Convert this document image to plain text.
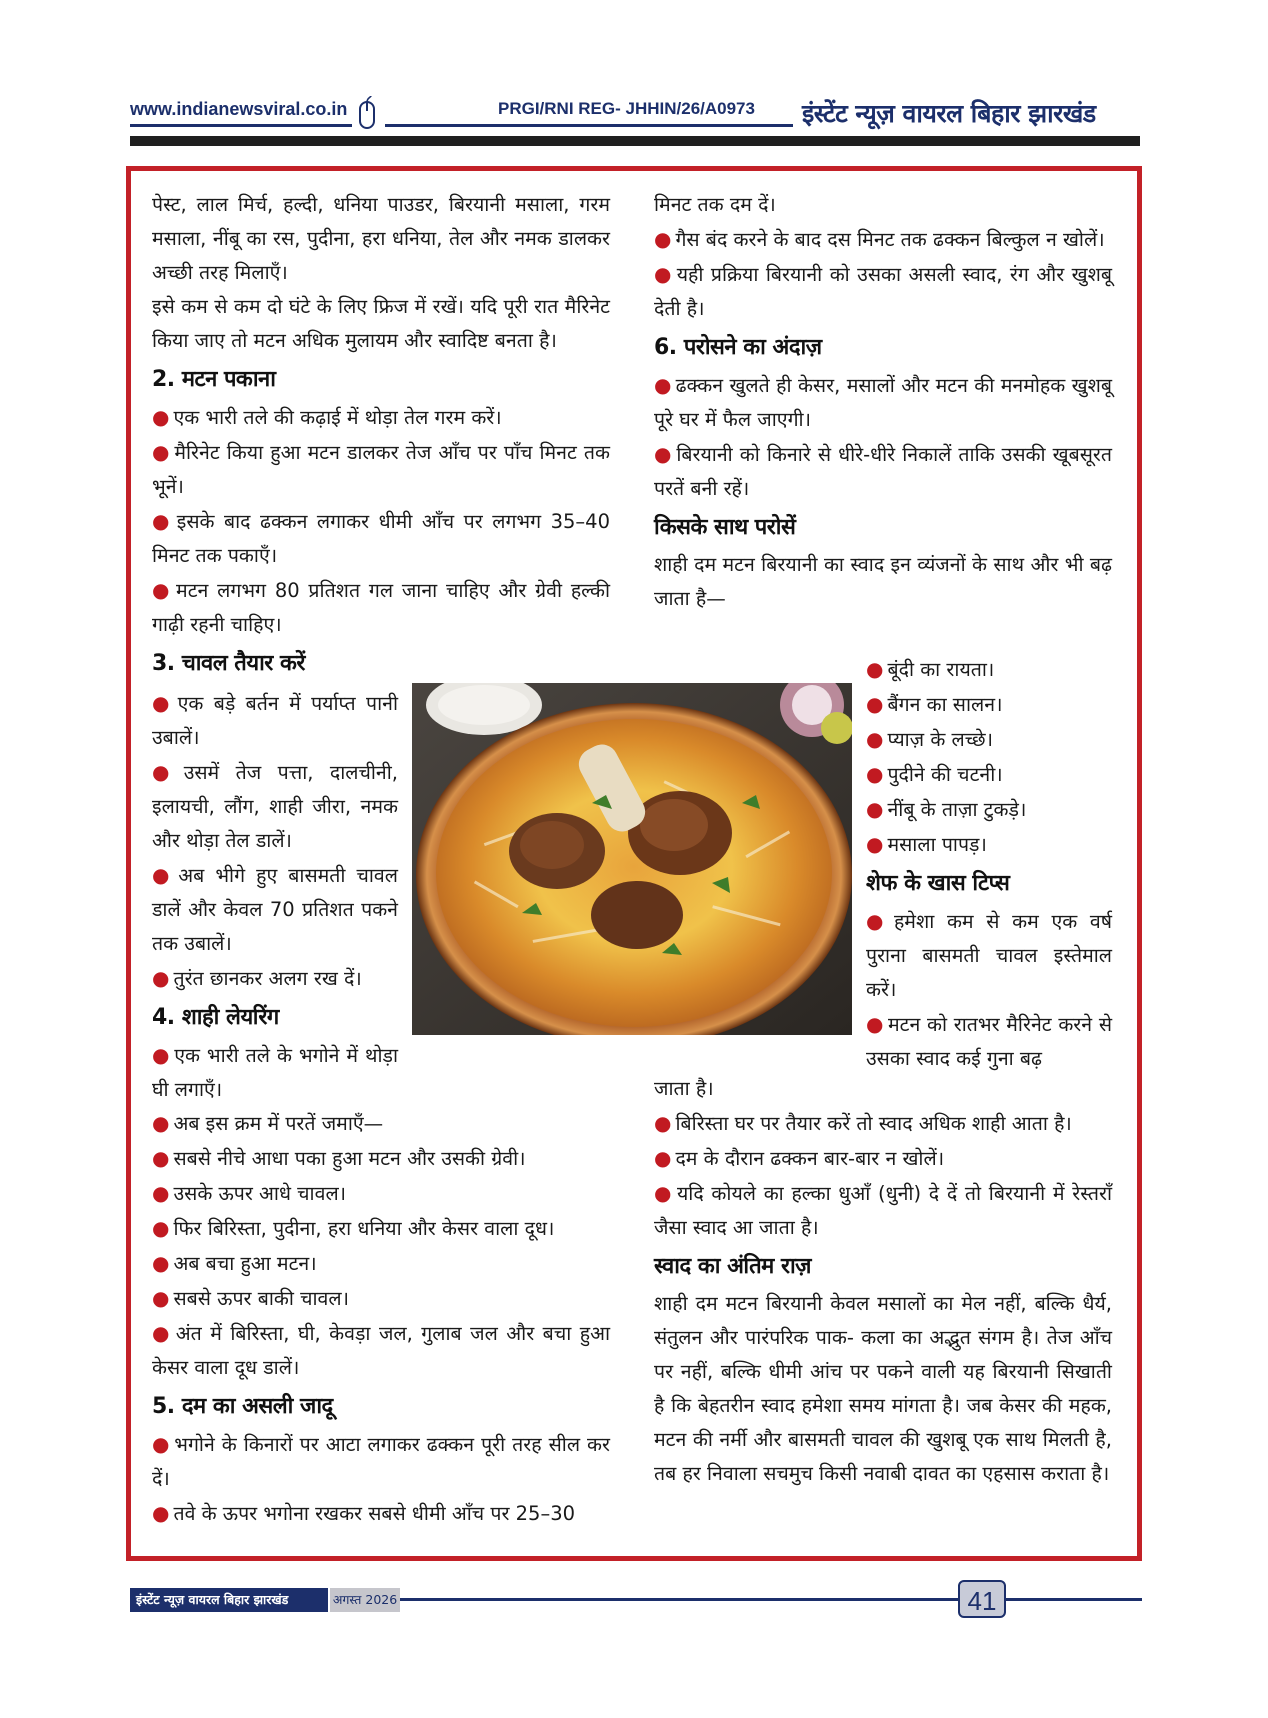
www.indianewsviral.co.in	PRGI/RNI REG- JHHIN/26/A0973 इंस्टेंट न्यूज़ वायरल बिहार झारखंड

पेस्ट, लाल मिर्च, हल्दी, धनिया पाउडर, बिरयानी मसाला, गरम मसाला, नींबू का रस, पुदीना, हरा धनिया, तेल और नमक डालकर अच्छी तरह मिलाएँ।

इसे कम से कम दो घंटे के लिए फ्रिज में रखें। यदि पूरी रात मैरिनेट किया जाए तो मटन अधिक मुलायम और स्वादिष्ट बनता है।

2. मटन पकाना

● एक भारी तले की कढ़ाई में थोड़ा तेल गरम करें।

● मैरिनेट किया हुआ मटन डालकर तेज आँच पर पाँच मिनट तक भूनें।

● इसके बाद ढक्कन लगाकर धीमी आँच पर लगभग 35–40 मिनट तक पकाएँ।

● मटन लगभग 80 प्रतिशत गल जाना चाहिए और ग्रेवी हल्की गाढ़ी रहनी चाहिए।

3. चावल तैयार करें

● एक बड़े बर्तन में पर्याप्त पानी उबालें।

● उसमें तेज पत्ता, दालचीनी, इलायची, लौंग, शाही जीरा, नमक और थोड़ा तेल डालें।

● अब भीगे हुए बासमती चावल डालें और केवल 70 प्रतिशत पकने तक उबालें।

● तुरंत छानकर अलग रख दें।

4. शाही लेयरिंग

● एक भारी तले के भगोने में थोड़ा घी लगाएँ।

● अब इस क्रम में परतें जमाएँ—

● सबसे नीचे आधा पका हुआ मटन और उसकी ग्रेवी।

● उसके ऊपर आधे चावल।

● फिर बिरिस्ता, पुदीना, हरा धनिया और केसर वाला दूध।

● अब बचा हुआ मटन।

● सबसे ऊपर बाकी चावल।

● अंत में बिरिस्ता, घी, केवड़ा जल, गुलाब जल और बचा हुआ केसर वाला दूध डालें।

5. दम का असली जादू

● भगोने के किनारों पर आटा लगाकर ढक्कन पूरी तरह सील कर दें।

● तवे के ऊपर भगोना रखकर सबसे धीमी आँच पर 25–30

मिनट तक दम दें।

● गैस बंद करने के बाद दस मिनट तक ढक्कन बिल्कुल न खोलें।

● यही प्रक्रिया बिरयानी को उसका असली स्वाद, रंग और खुशबू देती है।

6. परोसने का अंदाज़

● ढक्कन खुलते ही केसर, मसालों और मटन की मनमोहक खुशबू पूरे घर में फैल जाएगी।

● बिरयानी को किनारे से धीरे-धीरे निकालें ताकि उसकी खूबसूरत परतें बनी रहें।

किसके साथ परोसें

शाही दम मटन बिरयानी का स्वाद इन व्यंजनों के साथ और भी बढ़ जाता है—

● बूंदी का रायता।

● बैंगन का सालन।

● प्याज़ के लच्छे।

● पुदीने की चटनी।

● नींबू के ताज़ा टुकड़े।

● मसाला पापड़।

शेफ के खास टिप्स

● हमेशा कम से कम एक वर्ष पुराना बासमती चावल इस्तेमाल करें।

● मटन को रातभर मैरिनेट करने से उसका स्वाद कई गुना बढ़

जाता है।

● बिरिस्ता घर पर तैयार करें तो स्वाद अधिक शाही आता है।

● दम के दौरान ढक्कन बार-बार न खोलें।

● यदि कोयले का हल्का धुआँ (धुनी) दे दें तो बिरयानी में रेस्तराँ जैसा स्वाद आ जाता है।

स्वाद का अंतिम राज़

शाही दम मटन बिरयानी केवल मसालों का मेल नहीं, बल्कि धैर्य, संतुलन और पारंपरिक पाक- कला का अद्भुत संगम है। तेज आँच पर नहीं, बल्कि धीमी आंच पर पकने वाली यह बिरयानी सिखाती है कि बेहतरीन स्वाद हमेशा समय मांगता है। जब केसर की महक, मटन की नर्मी और बासमती चावल की खुशबू एक साथ मिलती है, तब हर निवाला सचमुच किसी नवाबी दावत का एहसास कराता है।

इंस्टेंट न्यूज़ वायरल बिहार झारखंड	अगस्त 2026	41
